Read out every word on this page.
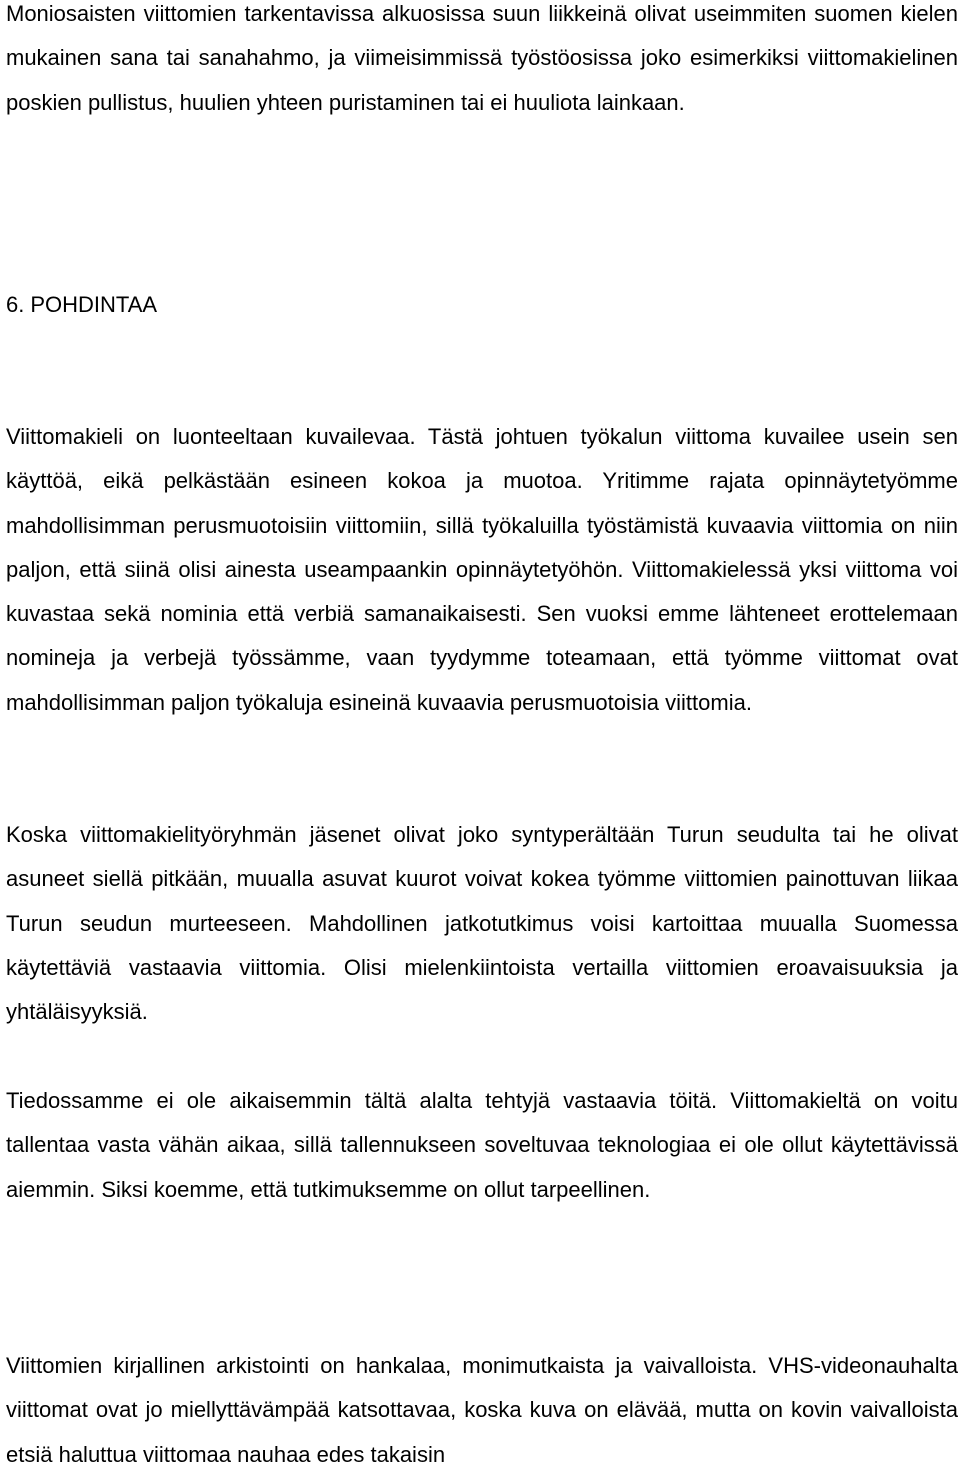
Moniosaisten viittomien tarkentavissa alkuosissa suun liikkeinä olivat useimmiten suomen kielen mukainen sana tai sanahahmo, ja viimeisimmissä työstöosissa joko esimerkiksi viittomakielinen poskien pullistus, huulien yhteen puristaminen tai ei huuliota lainkaan.

6. POHDINTAA

Viittomakieli on luonteeltaan kuvailevaa. Tästä johtuen työkalun viittoma kuvailee usein sen käyttöä, eikä pelkästään esineen kokoa ja muotoa. Yritimme rajata opinnäytetyömme mahdollisimman perusmuotoisiin viittomiin, sillä työkaluilla työstämistä kuvaavia viittomia on niin paljon, että siinä olisi ainesta useampaankin opinnäytetyöhön. Viittomakielessä yksi viittoma voi kuvastaa sekä nominia että verbiä samanaikaisesti. Sen vuoksi emme lähteneet erottelemaan nomineja ja verbejä työssämme, vaan tyydymme toteamaan, että työmme viittomat ovat mahdollisimman paljon työkaluja esineinä kuvaavia perusmuotoisia viittomia.

Koska viittomakielityöryhmän jäsenet olivat joko syntyperältään Turun seudulta tai he olivat asuneet siellä pitkään, muualla asuvat kuurot voivat kokea työmme viittomien painottuvan liikaa Turun seudun murteeseen. Mahdollinen jatkotutkimus voisi kartoittaa muualla Suomessa käytettäviä vastaavia viittomia. Olisi mielenkiintoista vertailla viittomien eroavaisuuksia ja yhtäläisyyksiä.

Tiedossamme ei ole aikaisemmin tältä alalta tehtyjä vastaavia töitä. Viittomakieltä on voitu tallentaa vasta vähän aikaa, sillä tallennukseen soveltuvaa teknologiaa ei ole ollut käytettävissä aiemmin. Siksi koemme, että tutkimuksemme on ollut tarpeellinen.

Viittomien kirjallinen arkistointi on hankalaa, monimutkaista ja vaivalloista. VHS-videonauhalta viittomat ovat jo miellyttävämpää katsottavaa, koska kuva on elävää, mutta on kovin vaivalloista etsiä haluttua viittomaa nauhaa edes takaisin
